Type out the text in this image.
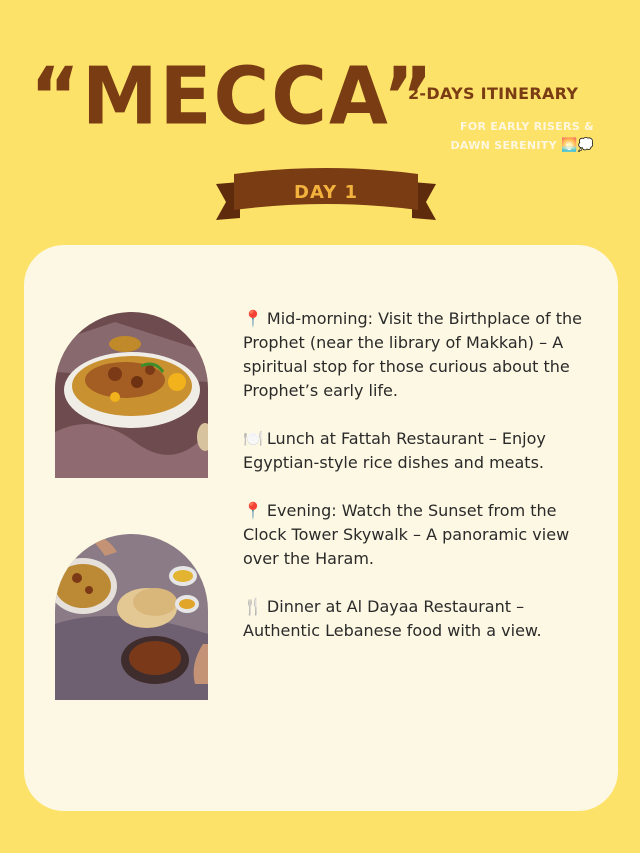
“MECCA”
2-DAYS ITINERARY
FOR EARLY RISERS &
DAWN SERENITY 🌅💭
DAY 1

📍 Mid-morning: Visit the Birthplace of the Prophet (near the library of Makkah) – A spiritual stop for those curious about the Prophet’s early life.

🍽️ Lunch at Fattah Restaurant – Enjoy Egyptian-style rice dishes and meats.

📍 Evening: Watch the Sunset from the Clock Tower Skywalk – A panoramic view over the Haram.

🍴 Dinner at Al Dayaa Restaurant – Authentic Lebanese food with a view.
